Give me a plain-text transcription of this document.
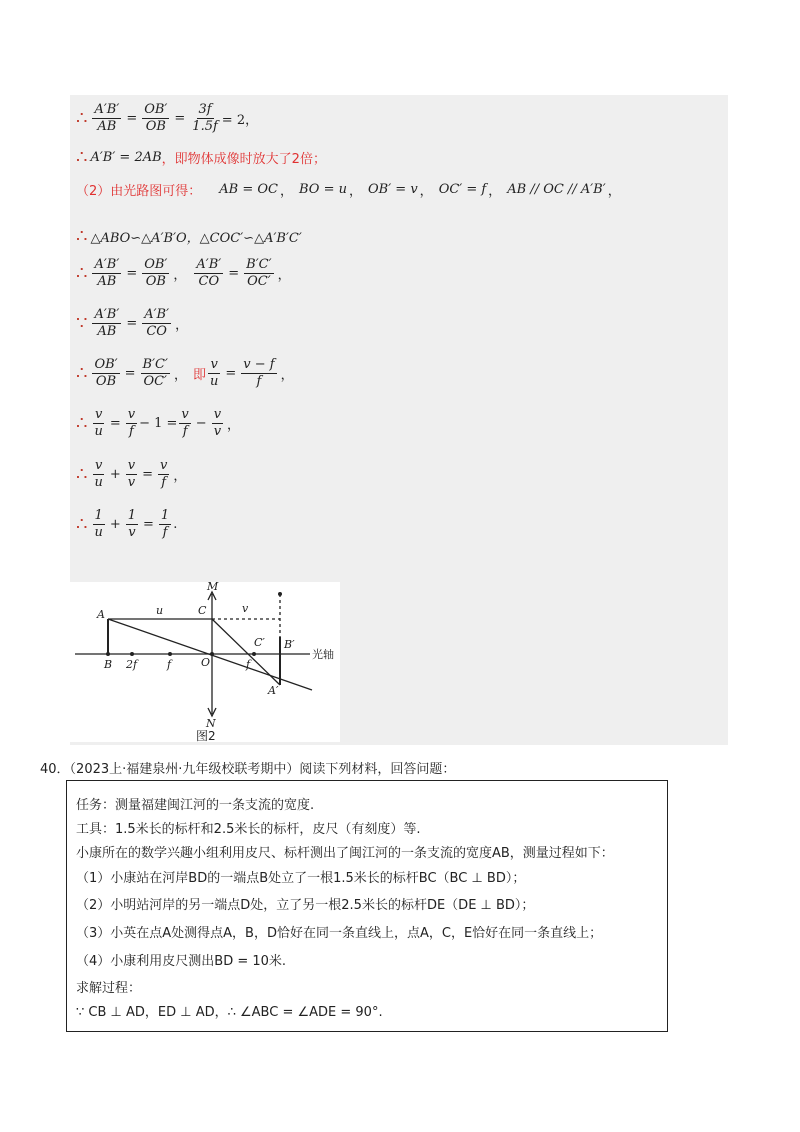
∴ $\frac{A'B'}{AB} = \frac{OB'}{OB} = \frac{3f}{1.5f} = 2$，
∴ A′B′ = 2AB ，即物体成像时放大了2倍；
（2）由光路图可得： AB = OC ， BO = u ， OB′ = v ， OC′ = f ， AB // OC // A′B′ ，
∴ △ABO∽△A′B′O，△COC′∽△A′B′C′
∴ $\frac{A'B'}{AB} = \frac{OB'}{OB}$ ， $\frac{A'B'}{CO} = \frac{B'C'}{OC'}$ ，
∵ $\frac{A'B'}{AB} = \frac{A'B'}{CO}$ ，
∴ $\frac{OB'}{OB} = \frac{B'C'}{OC'}$ ， 即 $\frac{v}{u} = \frac{v - f}{f}$ ，
∴ $\frac{v}{u} = \frac{v}{f} - 1 = \frac{v}{f} - \frac{v}{v}$ ，
∴ $\frac{v}{u} + \frac{v}{v} = \frac{v}{f}$ ，
∴ $\frac{1}{u} + \frac{1}{v} = \frac{1}{f}$ .
A
B
C
O
M
N
u	v
2f	f	f
C′ B′
A′
光轴
图2
40．（2023上·福建泉州·九年级校联考期中）阅读下列材料，回答问题：
任务：测量福建闽江河的一条支流的宽度.
工具：1.5米长的标杆和2.5米长的标杆，皮尺（有刻度）等.
小康所在的数学兴趣小组利用皮尺、标杆测出了闽江河的一条支流的宽度AB，测量过程如下：
（1）小康站在河岸BD的一端点B处立了一根1.5米长的标杆BC（BC ⊥ BD）；
（2）小明站河岸的另一端点D处，立了另一根2.5米长的标杆DE（DE ⊥ BD）；
（3）小英在点A处测得点A，B，D恰好在同一条直线上，点A，C，E恰好在同一条直线上；
（4）小康利用皮尺测出BD = 10米.
求解过程：
∵ CB ⊥ AD，ED ⊥ AD，∴ ∠ABC = ∠ADE = 90°.
